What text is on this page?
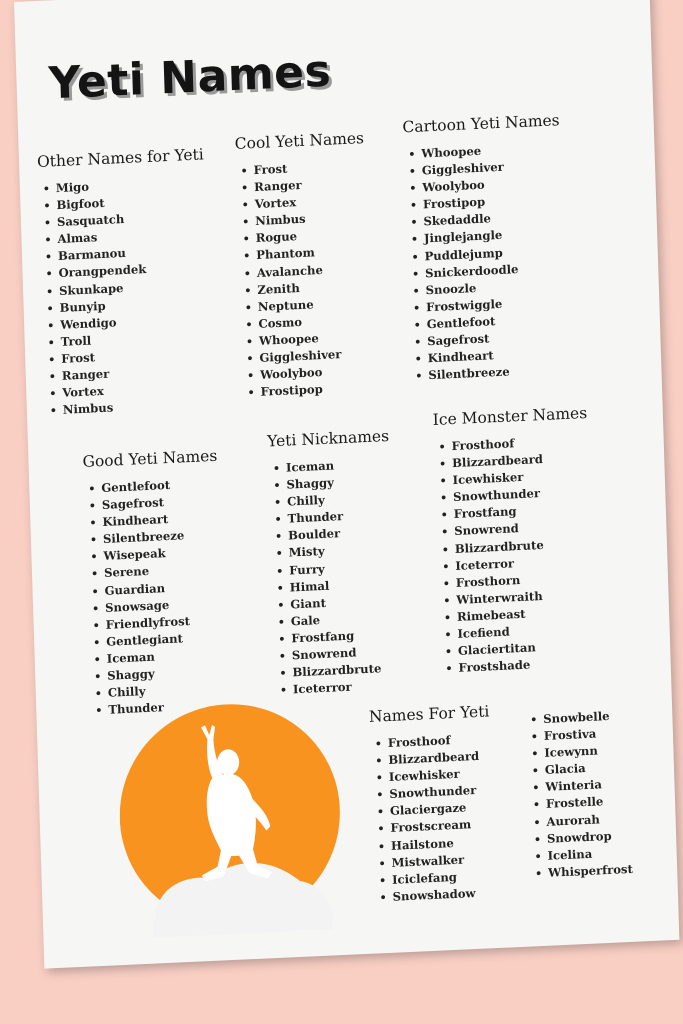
Yeti Names
Other Names for Yeti
• Migo
• Bigfoot
• Sasquatch
• Almas
• Barmanou
• Orangpendek
• Skunkape
• Bunyip
• Wendigo
• Troll
• Frost
• Ranger
• Vortex
• Nimbus
Cool Yeti Names
• Frost
• Ranger
• Vortex
• Nimbus
• Rogue
• Phantom
• Avalanche
• Zenith
• Neptune
• Cosmo
• Whoopee
• Giggleshiver
• Woolyboo
• Frostipop
Cartoon Yeti Names
• Whoopee
• Giggleshiver
• Woolyboo
• Frostipop
• Skedaddle
• Jinglejangle
• Puddlejump
• Snickerdoodle
• Snoozle
• Frostwiggle
• Gentlefoot
• Sagefrost
• Kindheart
• Silentbreeze
Good Yeti Names
• Gentlefoot
• Sagefrost
• Kindheart
• Silentbreeze
• Wisepeak
• Serene
• Guardian
• Snowsage
• Friendlyfrost
• Gentlegiant
• Iceman
• Shaggy
• Chilly
• Thunder
Yeti Nicknames
• Iceman
• Shaggy
• Chilly
• Thunder
• Boulder
• Misty
• Furry
• Himal
• Giant
• Gale
• Frostfang
• Snowrend
• Blizzardbrute
• Iceterror
Ice Monster Names
• Frosthoof
• Blizzardbeard
• Icewhisker
• Snowthunder
• Frostfang
• Snowrend
• Blizzardbrute
• Iceterror
• Frosthorn
• Winterwraith
• Rimebeast
• Icefiend
• Glaciertitan
• Frostshade
Names For Yeti
• Frosthoof
• Blizzardbeard
• Icewhisker
• Snowthunder
• Glaciergaze
• Frostscream
• Hailstone
• Mistwalker
• Iciclefang
• Snowshadow
• Snowbelle
• Frostiva
• Icewynn
• Glacia
• Winteria
• Frostelle
• Aurorah
• Snowdrop
• Icelina
• Whisperfrost
